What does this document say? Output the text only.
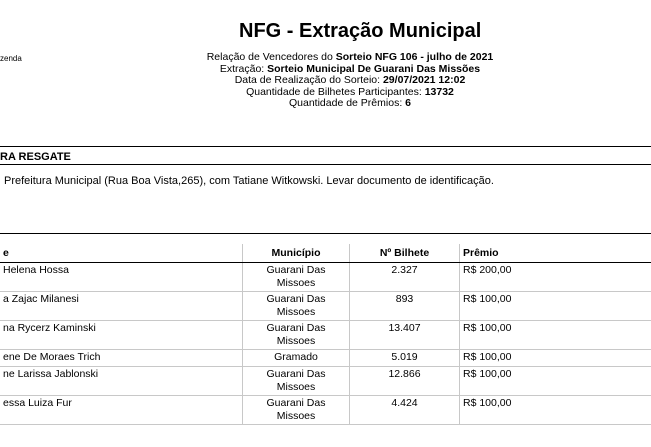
zenda
NFG - Extração Municipal
Relação de Vencedores do Sorteio NFG 106 - julho de 2021
Extração: Sorteio Municipal De Guarani Das Missões
Data de Realização do Sorteio: 29/07/2021 12:02
Quantidade de Bilhetes Participantes: 13732
Quantidade de Prêmios: 6
RA RESGATE
Prefeitura Municipal (Rua Boa Vista,265), com Tatiane Witkowski. Levar documento de identificação.
e	Município	Nº Bilhete	Prêmio
Helena Hossa	Guarani Das Missoes	2.327	R$ 200,00
a Zajac Milanesi	Guarani Das Missoes	893	R$ 100,00
na Rycerz Kaminski	Guarani Das Missoes	13.407	R$ 100,00
ene De Moraes Trich	Gramado	5.019	R$ 100,00
ne Larissa Jablonski	Guarani Das Missoes	12.866	R$ 100,00
essa Luiza Fur	Guarani Das Missoes	4.424	R$ 100,00
